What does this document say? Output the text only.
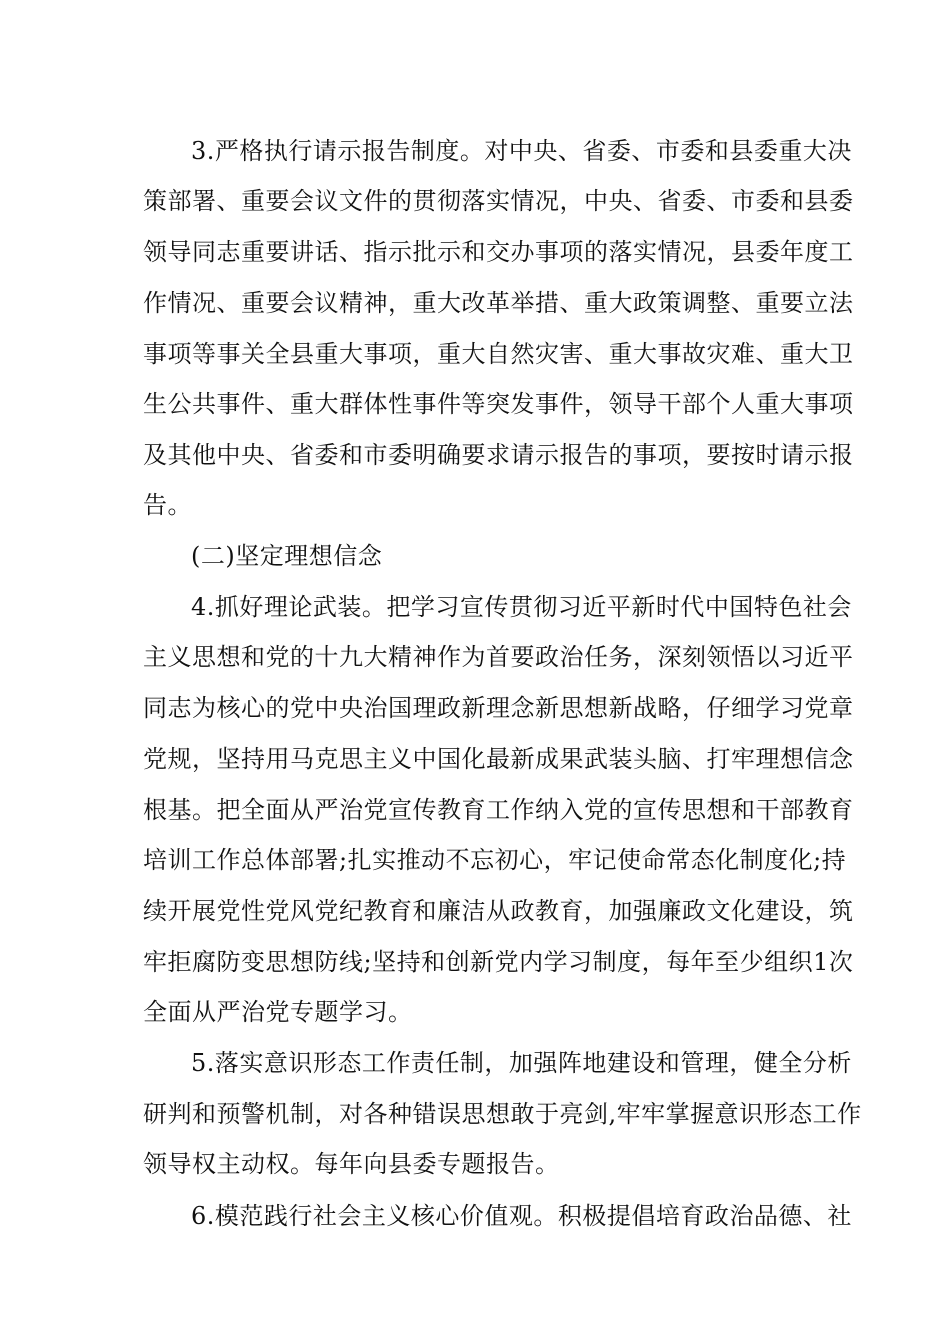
3.严格执行请示报告制度。对中央、省委、市委和县委重大决
策部署、重要会议文件的贯彻落实情况，中央、省委、市委和县委
领导同志重要讲话、指示批示和交办事项的落实情况，县委年度工
作情况、重要会议精神，重大改革举措、重大政策调整、重要立法
事项等事关全县重大事项，重大自然灾害、重大事故灾难、重大卫
生公共事件、重大群体性事件等突发事件，领导干部个人重大事项
及其他中央、省委和市委明确要求请示报告的事项，要按时请示报
告。
(二)坚定理想信念
4.抓好理论武装。把学习宣传贯彻习近平新时代中国特色社会
主义思想和党的十九大精神作为首要政治任务，深刻领悟以习近平
同志为核心的党中央治国理政新理念新思想新战略，仔细学习党章
党规，坚持用马克思主义中国化最新成果武装头脑、打牢理想信念
根基。把全面从严治党宣传教育工作纳入党的宣传思想和干部教育
培训工作总体部署;扎实推动不忘初心，牢记使命常态化制度化;持
续开展党性党风党纪教育和廉洁从政教育，加强廉政文化建设，筑
牢拒腐防变思想防线;坚持和创新党内学习制度，每年至少组织1次
全面从严治党专题学习。
5.落实意识形态工作责任制，加强阵地建设和管理，健全分析
研判和预警机制，对各种错误思想敢于亮剑,牢牢掌握意识形态工作
领导权主动权。每年向县委专题报告。
6.模范践行社会主义核心价值观。积极提倡培育政治品德、社
